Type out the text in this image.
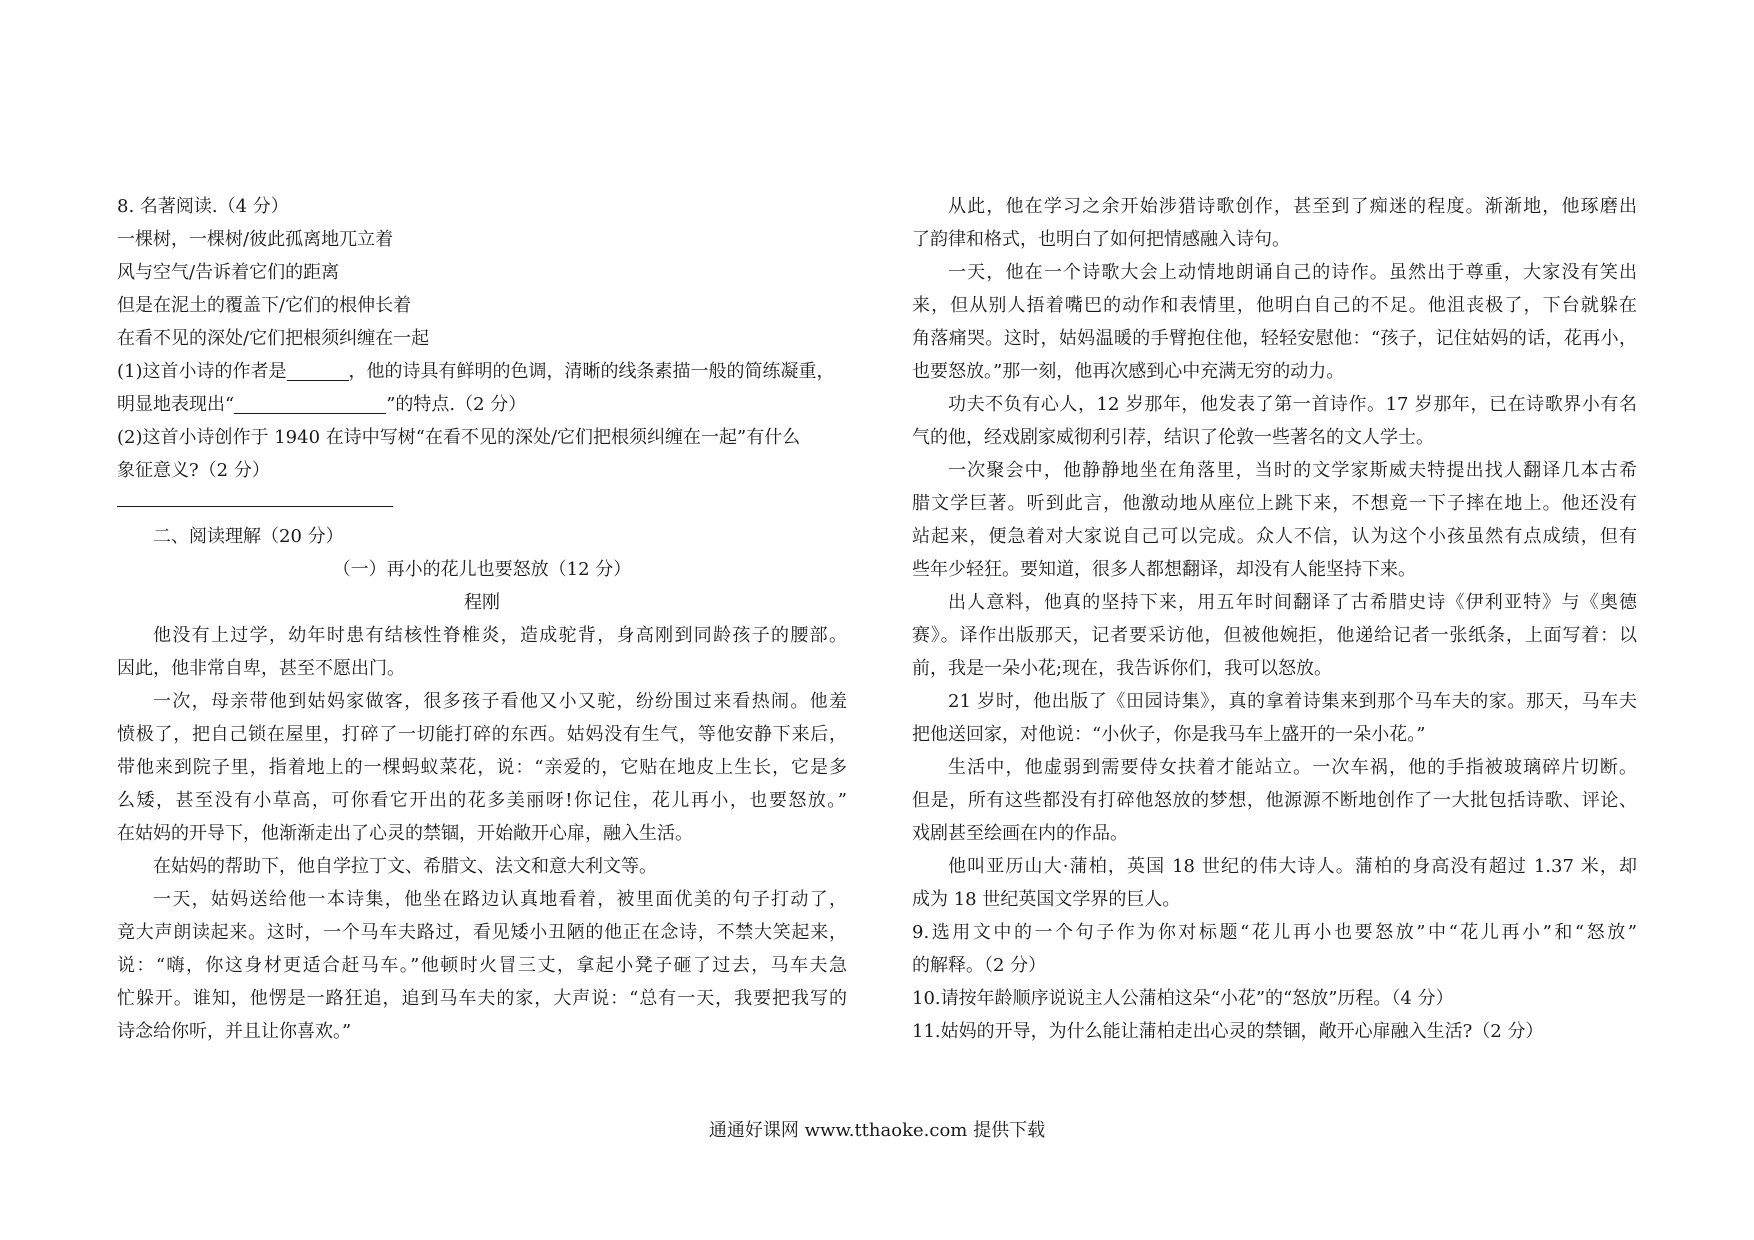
8. 名著阅读.（4 分）
一棵树，一棵树/彼此孤离地兀立着
风与空气/告诉着它们的距离
但是在泥土的覆盖下/它们的根伸长着
在看不见的深处/它们把根须纠缠在一起
(1)这首小诗的作者是	，他的诗具有鲜明的色调，清晰的线条素描一般的简练凝重，
明显地表现出“	”的特点.（2 分）
(2)这首小诗创作于 1940 在诗中写树“在看不见的深处/它们把根须纠缠在一起”有什么
象征意义?（2 分）
二、阅读理解（20 分）
（一）再小的花儿也要怒放（12 分）
程刚
他没有上过学，幼年时患有结核性脊椎炎，造成驼背，身高刚到同龄孩子的腰部。
因此，他非常自卑，甚至不愿出门。
一次，母亲带他到姑妈家做客，很多孩子看他又小又驼，纷纷围过来看热闹。他羞
愤极了，把自己锁在屋里，打碎了一切能打碎的东西。姑妈没有生气，等他安静下来后，
带他来到院子里，指着地上的一棵蚂蚁菜花，说：“亲爱的，它贴在地皮上生长，它是多
么矮，甚至没有小草高，可你看它开出的花多美丽呀!你记住，花儿再小，也要怒放。”
在姑妈的开导下，他渐渐走出了心灵的禁锢，开始敞开心扉，融入生活。
在姑妈的帮助下，他自学拉丁文、希腊文、法文和意大利文等。
一天，姑妈送给他一本诗集，他坐在路边认真地看着，被里面优美的句子打动了，
竟大声朗读起来。这时，一个马车夫路过，看见矮小丑陋的他正在念诗，不禁大笑起来，
说：“嗨，你这身材更适合赶马车。”他顿时火冒三丈，拿起小凳子砸了过去，马车夫急
忙躲开。谁知，他愣是一路狂追，追到马车夫的家，大声说：“总有一天，我要把我写的
诗念给你听，并且让你喜欢。”
从此，他在学习之余开始涉猎诗歌创作，甚至到了痴迷的程度。渐渐地，他琢磨出
了韵律和格式，也明白了如何把情感融入诗句。
一天，他在一个诗歌大会上动情地朗诵自己的诗作。虽然出于尊重，大家没有笑出
来，但从别人捂着嘴巴的动作和表情里，他明白自己的不足。他沮丧极了，下台就躲在
角落痛哭。这时，姑妈温暖的手臂抱住他，轻轻安慰他：“孩子，记住姑妈的话，花再小，
也要怒放。”那一刻，他再次感到心中充满无穷的动力。
功夫不负有心人，12 岁那年，他发表了第一首诗作。17 岁那年，已在诗歌界小有名
气的他，经戏剧家威彻利引荐，结识了伦敦一些著名的文人学士。
一次聚会中，他静静地坐在角落里，当时的文学家斯威夫特提出找人翻译几本古希
腊文学巨著。听到此言，他激动地从座位上跳下来，不想竟一下子摔在地上。他还没有
站起来，便急着对大家说自己可以完成。众人不信，认为这个小孩虽然有点成绩，但有
些年少轻狂。要知道，很多人都想翻译，却没有人能坚持下来。
出人意料，他真的坚持下来，用五年时间翻译了古希腊史诗《伊利亚特》与《奥德
赛》。译作出版那天，记者要采访他，但被他婉拒，他递给记者一张纸条，上面写着：以
前，我是一朵小花;现在，我告诉你们，我可以怒放。
21 岁时，他出版了《田园诗集》，真的拿着诗集来到那个马车夫的家。那天，马车夫
把他送回家，对他说：“小伙子，你是我马车上盛开的一朵小花。”
生活中，他虚弱到需要侍女扶着才能站立。一次车祸，他的手指被玻璃碎片切断。
但是，所有这些都没有打碎他怒放的梦想，他源源不断地创作了一大批包括诗歌、评论、
戏剧甚至绘画在内的作品。
他叫亚历山大·蒲柏，英国 18 世纪的伟大诗人。蒲柏的身高没有超过 1.37 米，却
成为 18 世纪英国文学界的巨人。
9.选用文中的一个句子作为你对标题“花儿再小也要怒放”中“花儿再小”和“怒放”
的解释。（2 分）
10.请按年龄顺序说说主人公蒲柏这朵“小花”的“怒放”历程。（4 分）
11.姑妈的开导，为什么能让蒲柏走出心灵的禁锢，敞开心扉融入生活?（2 分）
通通好课网 www.tthaoke.com 提供下载
